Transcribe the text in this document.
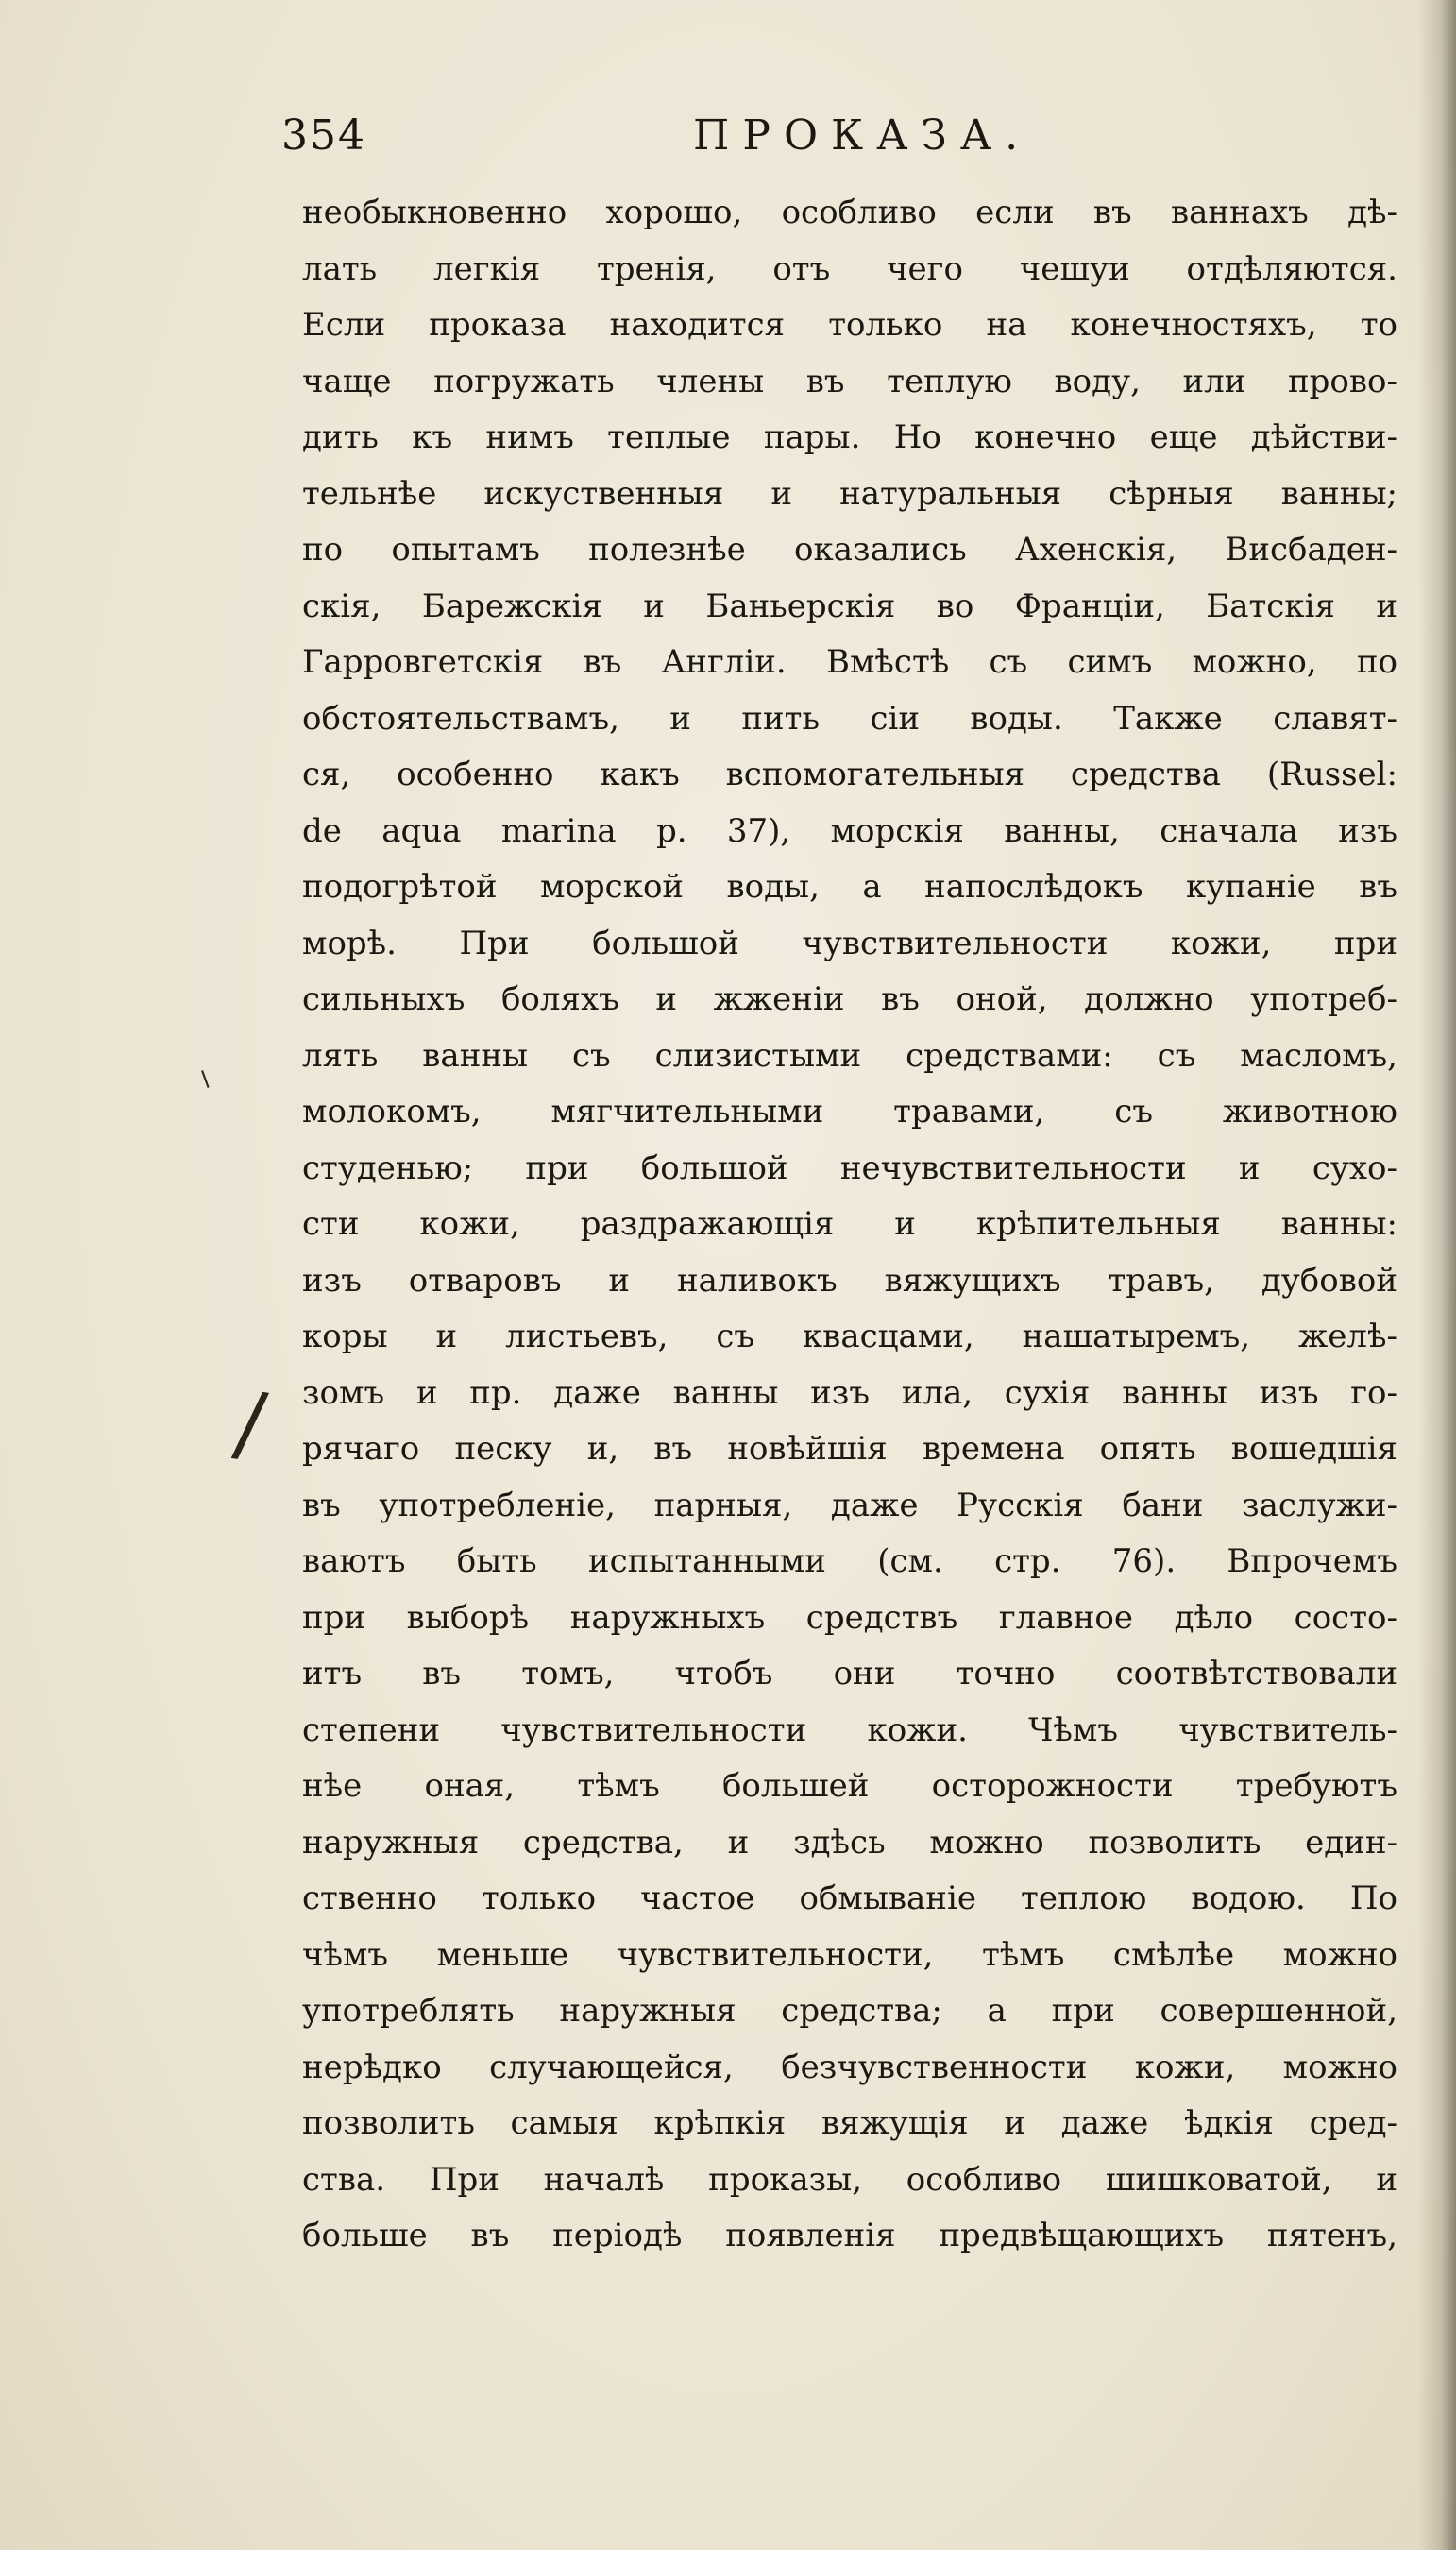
354	ПРОКАЗА.
⸌
/
необыкновенно хорошо, особливо если въ ваннахъ дѣ-
лать легкія тренія, отъ чего чешуи отдѣляются.
Если проказа находится только на конечностяхъ, то
чаще погружать члены въ теплую воду, или прово-
дить къ нимъ теплые пары. Но конечно еще дѣйстви-
тельнѣе искуственныя и натуральныя сѣрныя ванны;
по опытамъ полезнѣе оказались Ахенскія, Висбаден-
скія, Барежскія и Баньерскія во Франціи, Батскія и
Гарровгетскія въ Англіи. Вмѣстѣ съ симъ можно, по
обстоятельствамъ, и пить сіи воды. Также славят-
ся, особенно какъ вспомогательныя средства (Russel:
de aqua marina p. 37), морскія ванны, сначала изъ
подогрѣтой морской воды, а напослѣдокъ купаніе въ
морѣ. При большой чувствительности кожи, при
сильныхъ боляхъ и жженіи въ оной, должно употреб-
лять ванны съ слизистыми средствами: съ масломъ,
молокомъ, мягчительными травами, съ животною
студенью; при большой нечувствительности и сухо-
сти кожи, раздражающія и крѣпительныя ванны:
изъ отваровъ и наливокъ вяжущихъ травъ, дубовой
коры и листьевъ, съ квасцами, нашатыремъ, желѣ-
зомъ и пр. даже ванны изъ ила, сухія ванны изъ го-
рячаго песку и, въ новѣйшія времена опять вошедшія
въ употребленіе, парныя, даже Русскія бани заслужи-
ваютъ быть испытанными (см. стр. 76). Впрочемъ
при выборѣ наружныхъ средствъ главное дѣло состо-
итъ въ томъ, чтобъ они точно соотвѣтствовали
степени чувствительности кожи. Чѣмъ чувствитель-
нѣе оная, тѣмъ большей осторожности требуютъ
наружныя средства, и здѣсь можно позволить един-
ственно только частое обмываніе теплою водою. По
чѣмъ меньше чувствительности, тѣмъ смѣлѣе можно
употреблять наружныя средства; а при совершенной,
нерѣдко случающейся, безчувственности кожи, можно
позволить самыя крѣпкія вяжущія и даже ѣдкія сред-
ства. При началѣ проказы, особливо шишковатой, и
больше въ періодѣ появленія предвѣщающихъ пятенъ,
